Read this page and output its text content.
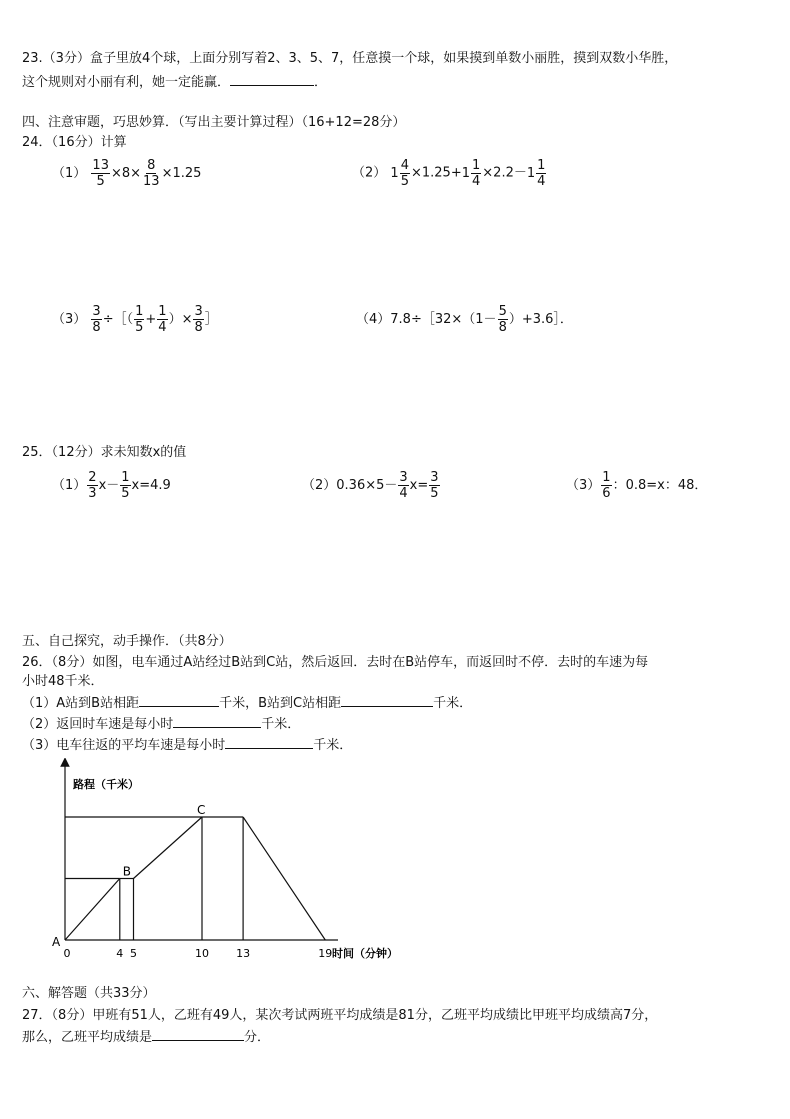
23.（3分）盒子里放4个球，上面分别写着2、3、5、7，任意摸一个球，如果摸到单数小丽胜，摸到双数小华胜，
这个规则对小丽有利，她一定能赢．	．
四、注意审题，巧思妙算．（写出主要计算过程）（16+12=28分）
24．（16分）计算
$(1) \frac{13}{5} \times 8\times \frac{8}{13} \times 1.25$	（2） $1 \frac{4}{5} \times 1.25+ 1 \frac{1}{4} \times 2.2- 1 \frac{1}{4}$
$(3) \frac{3}{8}$ ÷［（ $\frac{1}{5} + \frac{1}{4}$ ）× $\frac{3}{8}$ ］	（4）7.8÷［32×（1－ $\frac{5}{8}$ ）+3.6］．
25．（12分）求未知数x的值
$(1) \frac{2}{3} x- \frac{1}{5} x=4.9$	$(2)0.36\times 5- \frac{3}{4} x= \frac{3}{5}$	$(3) \frac{1}{6}$ ：0.8=x：48．
五、自己探究，动手操作．（共8分）
26．（8分）如图，电车通过A站经过B站到C站，然后返回．去时在B站停车，而返回时不停．去时的车速为每
小时48千米．
（1）A站到B站相距	千米，B站到C站相距	千米．
（2）返回时车速是每小时	千米．
（3）电车往返的平均车速是每小时	千米．
路程（千米）
时间（分钟）
0	4 5	10 13	19
A
B
C
六、解答题（共33分）
27．（8分）甲班有51人，乙班有49人，某次考试两班平均成绩是81分，乙班平均成绩比甲班平均成绩高7分，
那么，乙班平均成绩是	分．
